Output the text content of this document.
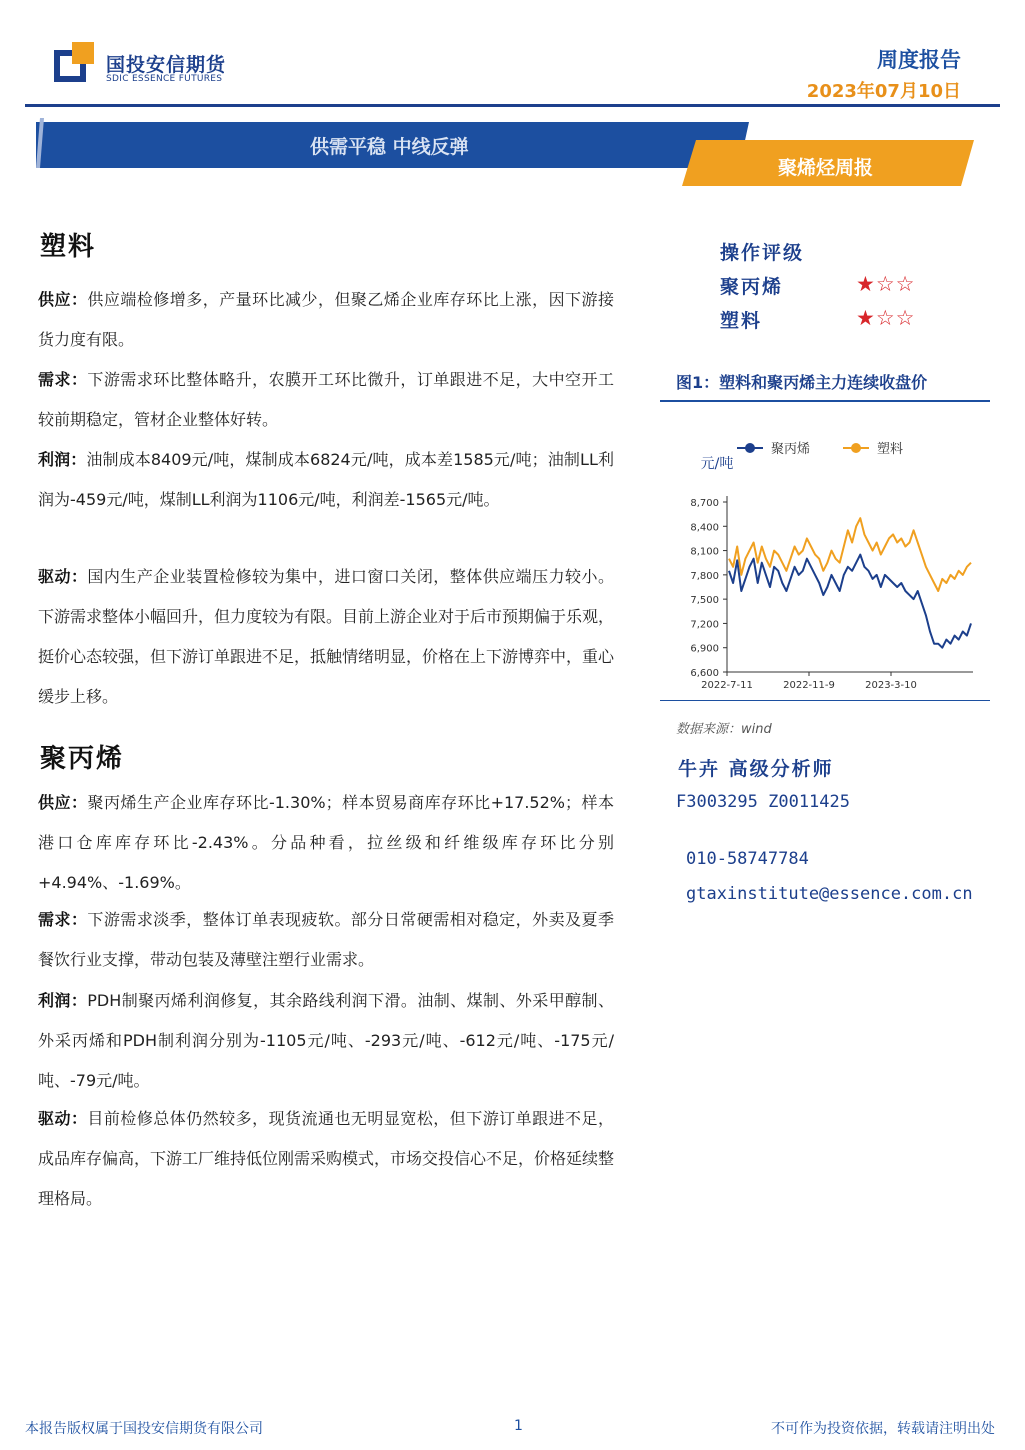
国投安信期货
SDIC ESSENCE FUTURES
周度报告
2023年07月10日
供需平稳 中线反弹
聚烯烃周报
塑料
供应：供应端检修增多，产量环比减少，但聚乙烯企业库存环比上涨，因下游接货力度有限。
需求：下游需求环比整体略升，农膜开工环比微升，订单跟进不足，大中空开工较前期稳定，管材企业整体好转。
利润：油制成本8409元/吨，煤制成本6824元/吨，成本差1585元/吨；油制LL利润为-459元/吨，煤制LL利润为1106元/吨，利润差-1565元/吨。
驱动：国内生产企业装置检修较为集中，进口窗口关闭，整体供应端压力较小。下游需求整体小幅回升，但力度较为有限。目前上游企业对于后市预期偏于乐观，挺价心态较强，但下游订单跟进不足，抵触情绪明显，价格在上下游博弈中，重心缓步上移。
聚丙烯
供应：聚丙烯生产企业库存环比-1.30%；样本贸易商库存环比+17.52%；样本港口仓库库存环比-2.43%。分品种看，拉丝级和纤维级库存环比分别+4.94%、-1.69%。
需求：下游需求淡季，整体订单表现疲软。部分日常硬需相对稳定，外卖及夏季餐饮行业支撑，带动包装及薄壁注塑行业需求。
利润：PDH制聚丙烯利润修复，其余路线利润下滑。油制、煤制、外采甲醇制、外采丙烯和PDH制利润分别为-1105元/吨、-293元/吨、-612元/吨、-175元/吨、-79元/吨。
驱动：目前检修总体仍然较多，现货流通也无明显宽松，但下游订单跟进不足，成品库存偏高，下游工厂维持低位刚需采购模式，市场交投信心不足，价格延续整理格局。
操作评级
聚丙烯	★☆☆
塑料	★☆☆
图1：塑料和聚丙烯主力连续收盘价
聚丙烯	塑料
元/吨
6,600
6,900
7,200
7,500
7,800
8,100
8,400
8,700
2022-7-11	2022-11-9	2023-3-10
数据来源：wind
牛卉 高级分析师
F3003295 Z0011425
010-58747784
gtaxinstitute@essence.com.cn
本报告版权属于国投安信期货有限公司	1	不可作为投资依据，转载请注明出处
